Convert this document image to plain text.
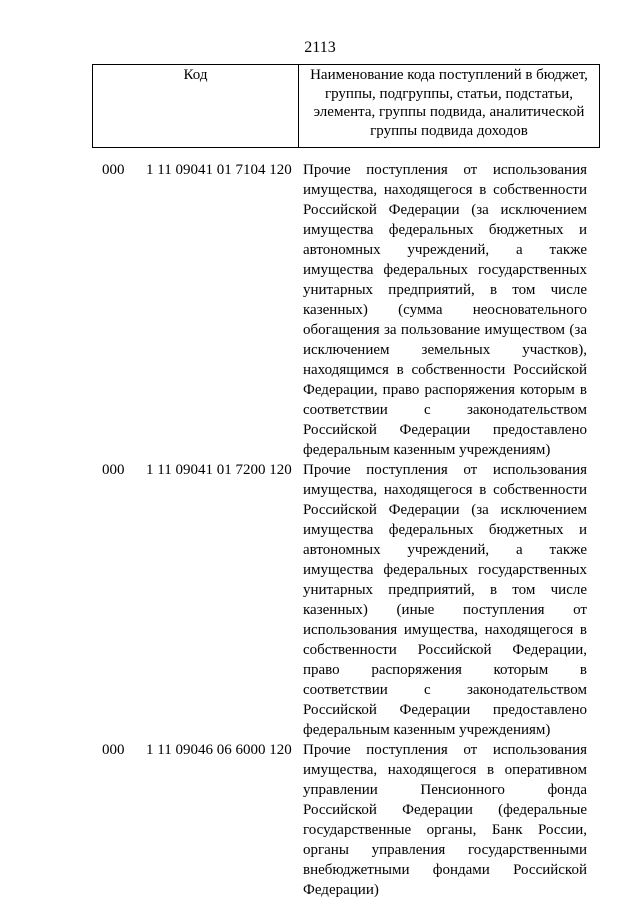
2113
Код	Наименование кода поступлений в бюджет, группы, подгруппы, статьи, подстатьи, элемента, группы подвида, аналитической группы подвида доходов
000 1 11 09041 01 7104 120 Прочие поступления от использования имущества, находящегося в собственности Российской Федерации (за исключением имущества федеральных бюджетных и автономных учреждений, а также имущества федеральных государственных унитарных предприятий, в том числе казенных) (сумма неосновательного обогащения за пользование имуществом (за исключением земельных участков), находящимся в собственности Российской Федерации, право распоряжения которым в соответствии с законодательством Российской Федерации предоставлено федеральным казенным учреждениям)
000 1 11 09041 01 7200 120 Прочие поступления от использования имущества, находящегося в собственности Российской Федерации (за исключением имущества федеральных бюджетных и автономных учреждений, а также имущества федеральных государственных унитарных предприятий, в том числе казенных) (иные поступления от использования имущества, находящегося в собственности Российской Федерации, право распоряжения которым в соответствии с законодательством Российской Федерации предоставлено федеральным казенным учреждениям)
000 1 11 09046 06 6000 120 Прочие поступления от использования имущества, находящегося в оперативном управлении Пенсионного фонда Российской Федерации (федеральные государственные органы, Банк России, органы управления государственными внебюджетными фондами Российской Федерации)
